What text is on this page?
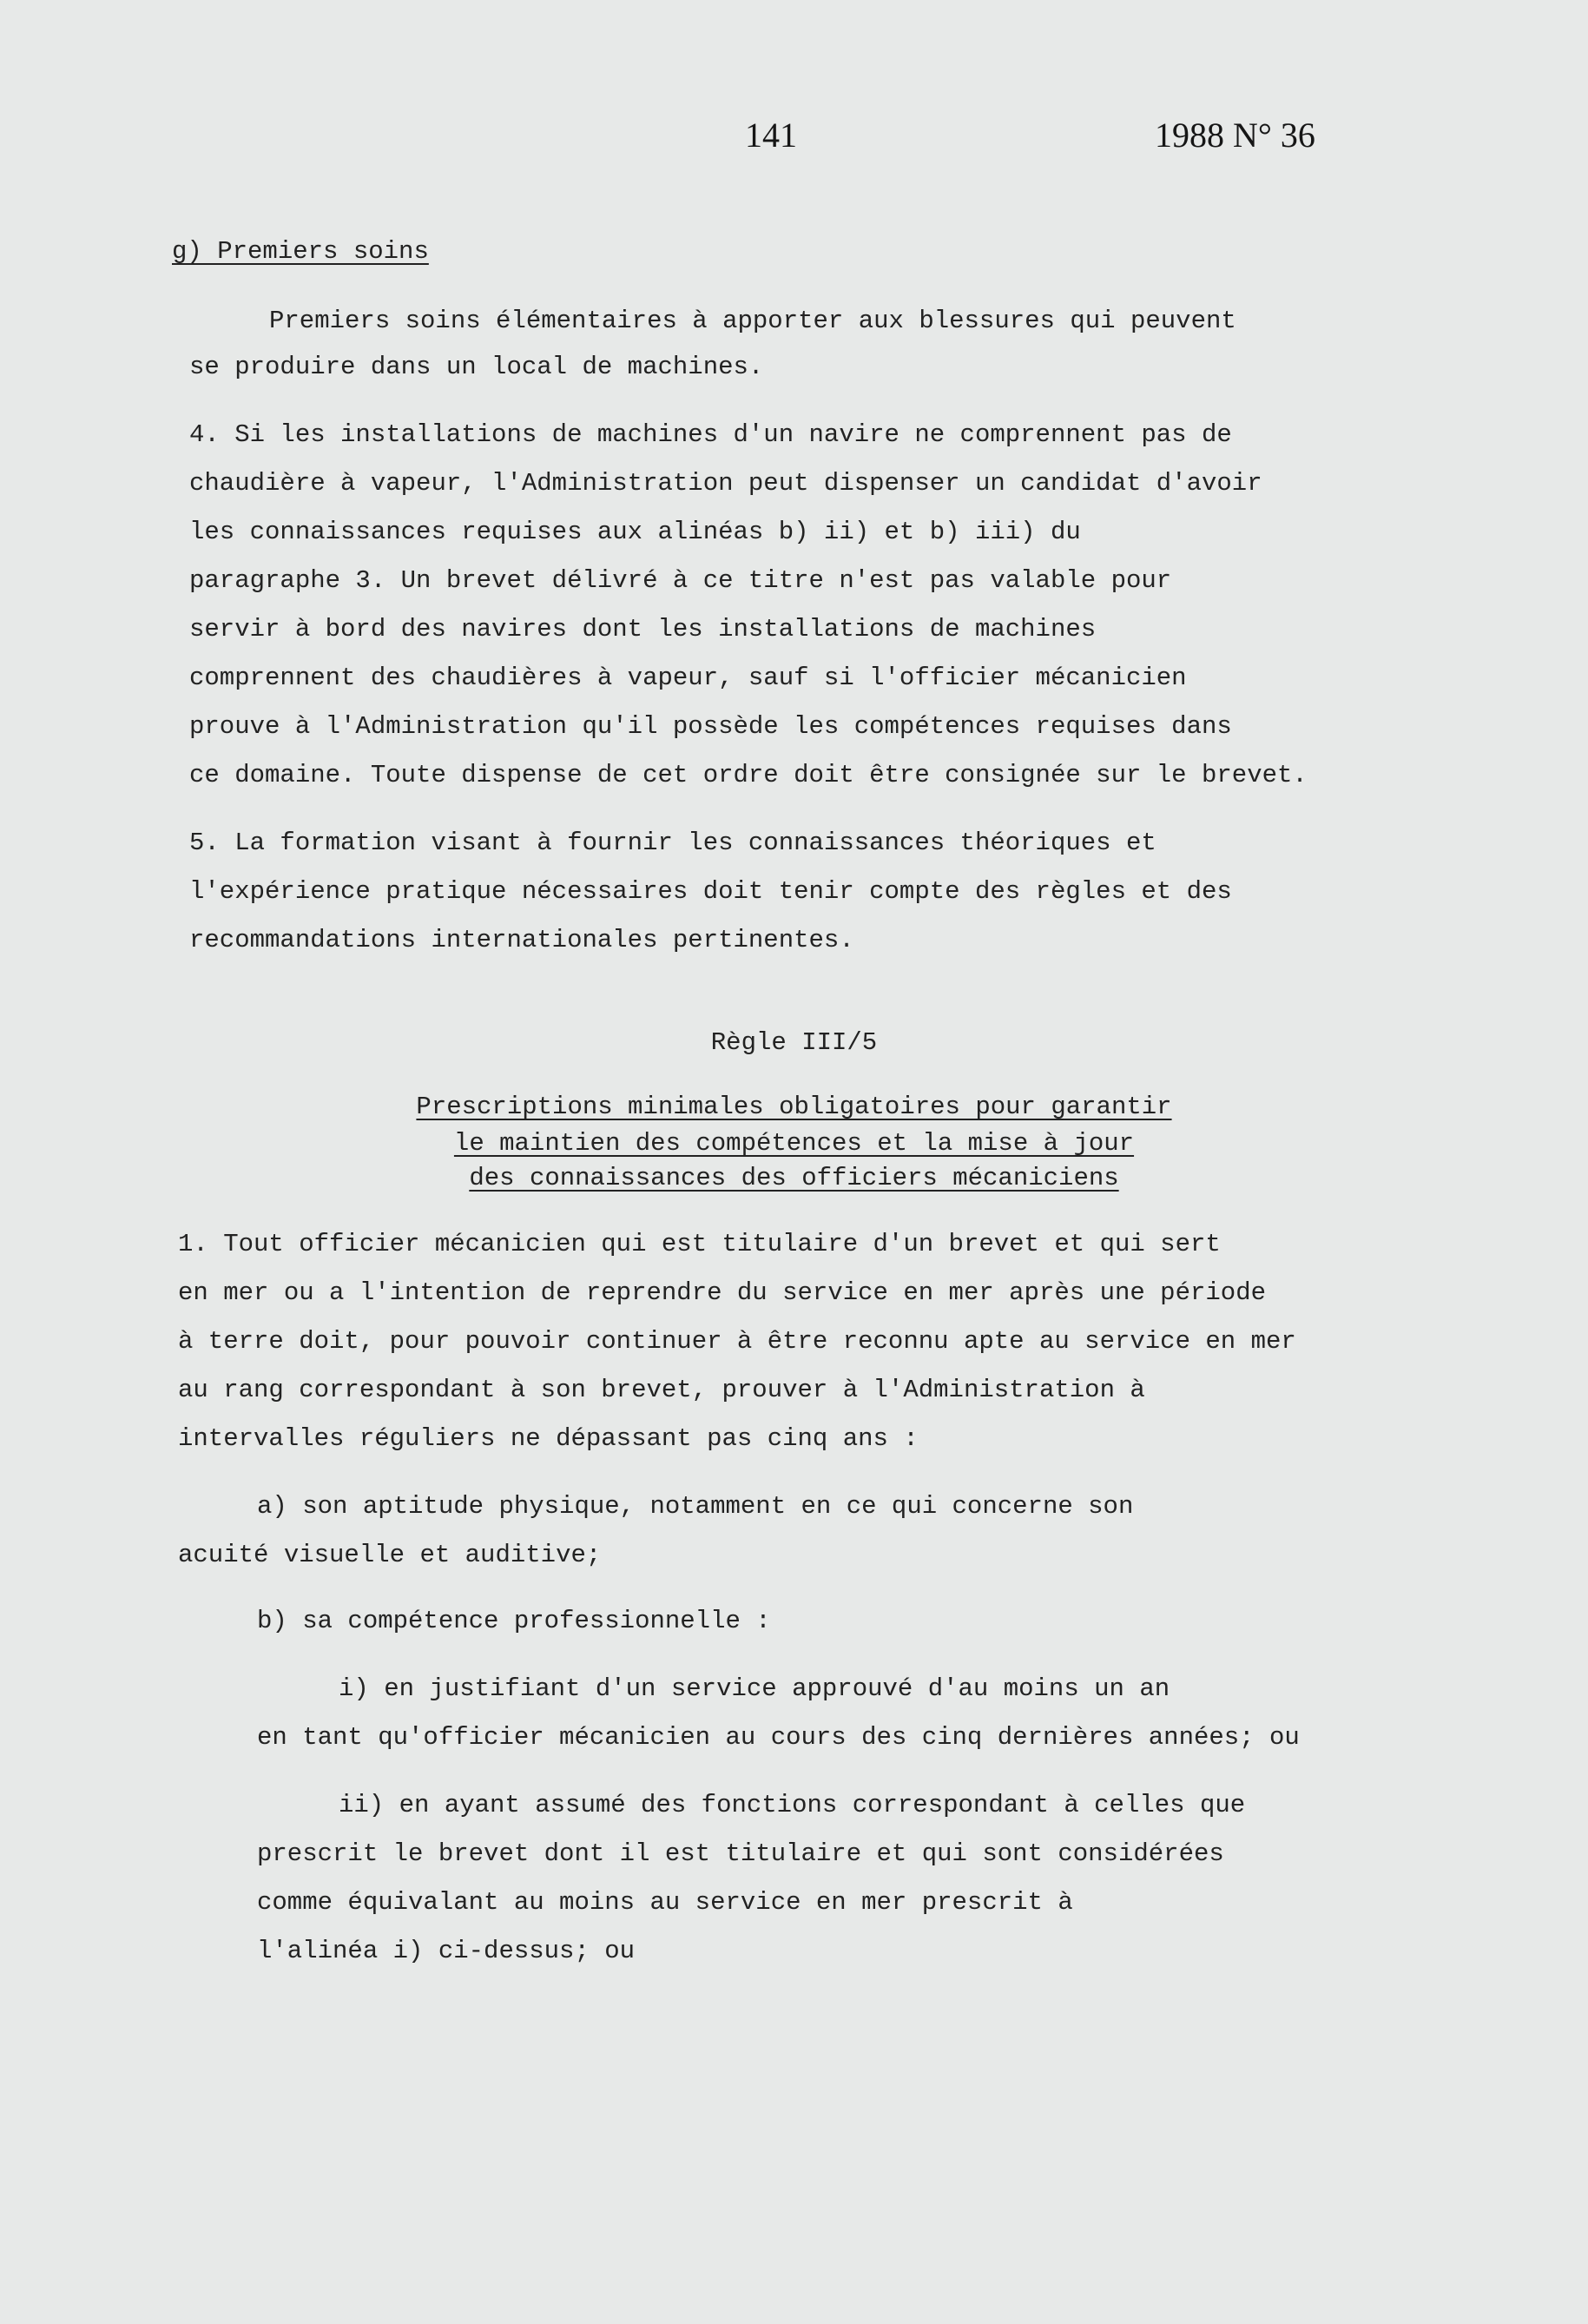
141	1988 N° 36
g) Premiers soins
Premiers soins élémentaires à apporter aux blessures qui peuvent
se produire dans un local de machines.
4. Si les installations de machines d'un navire ne comprennent pas de
chaudière à vapeur, l'Administration peut dispenser un candidat d'avoir
les connaissances requises aux alinéas b) ii) et b) iii) du
paragraphe 3. Un brevet délivré à ce titre n'est pas valable pour
servir à bord des navires dont les installations de machines
comprennent des chaudières à vapeur, sauf si l'officier mécanicien
prouve à l'Administration qu'il possède les compétences requises dans
ce domaine. Toute dispense de cet ordre doit être consignée sur le brevet.
5. La formation visant à fournir les connaissances théoriques et
l'expérience pratique nécessaires doit tenir compte des règles et des
recommandations internationales pertinentes.
Règle III/5
Prescriptions minimales obligatoires pour garantir
le maintien des compétences et la mise à jour
des connaissances des officiers mécaniciens
1. Tout officier mécanicien qui est titulaire d'un brevet et qui sert
en mer ou a l'intention de reprendre du service en mer après une période
à terre doit, pour pouvoir continuer à être reconnu apte au service en mer
au rang correspondant à son brevet, prouver à l'Administration à
intervalles réguliers ne dépassant pas cinq ans :
a) son aptitude physique, notamment en ce qui concerne son
acuité visuelle et auditive;
b) sa compétence professionnelle :
i) en justifiant d'un service approuvé d'au moins un an
en tant qu'officier mécanicien au cours des cinq dernières années; ou
ii) en ayant assumé des fonctions correspondant à celles que
prescrit le brevet dont il est titulaire et qui sont considérées
comme équivalant au moins au service en mer prescrit à
l'alinéa i) ci-dessus; ou
